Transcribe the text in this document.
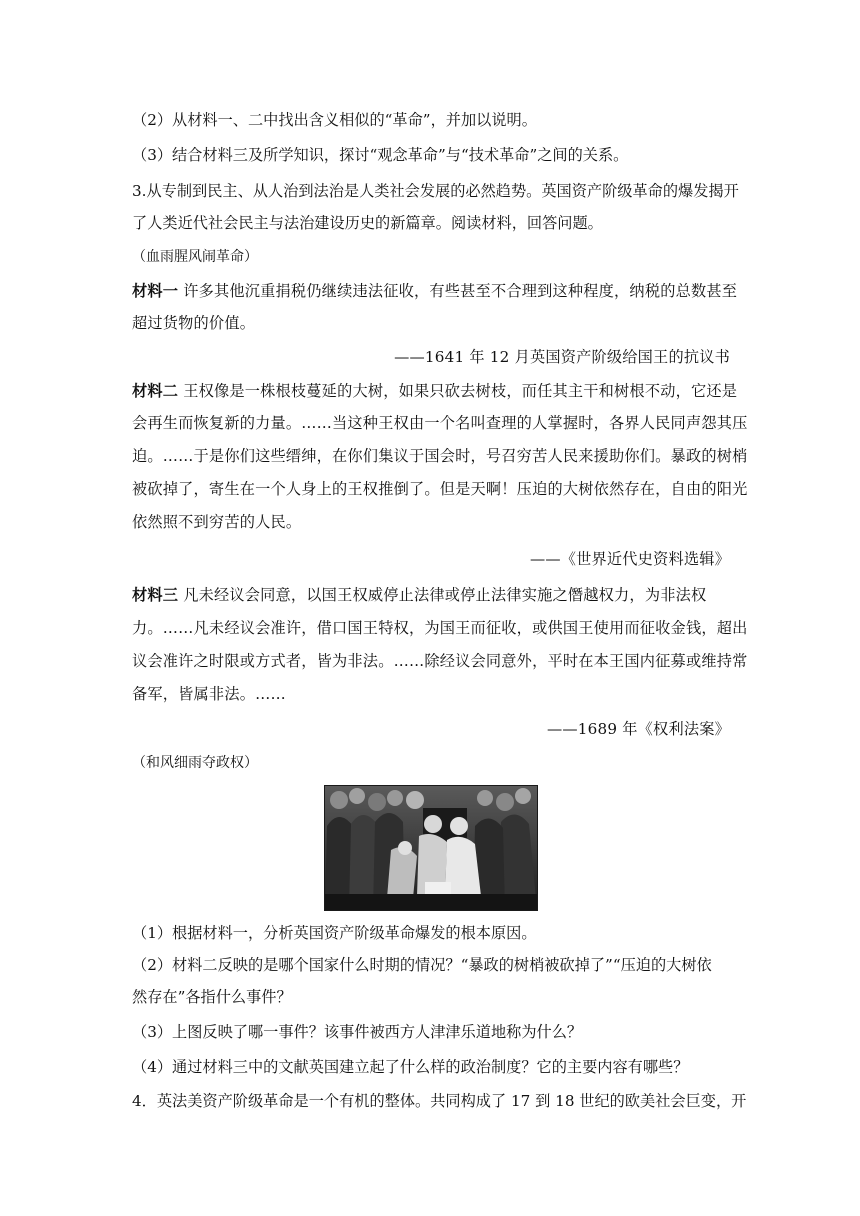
（2）从材料一、二中找出含义相似的“革命”，并加以说明。
（3）结合材料三及所学知识，探讨“观念革命”与“技术革命”之间的关系。
3.从专制到民主、从人治到法治是人类社会发展的必然趋势。英国资产阶级革命的爆发揭开
了人类近代社会民主与法治建设历史的新篇章。阅读材料，回答问题。
（血雨腥风闹革命）
材料一 许多其他沉重捐税仍继续违法征收，有些甚至不合理到这种程度，纳税的总数甚至
超过货物的价值。
——1641 年 12 月英国资产阶级给国王的抗议书
材料二 王权像是一株根枝蔓延的大树，如果只砍去树枝，而任其主干和树根不动，它还是
会再生而恢复新的力量。……当这种王权由一个名叫查理的人掌握时，各界人民同声怨其压
迫。……于是你们这些缙绅，在你们集议于国会时，号召穷苦人民来援助你们。暴政的树梢
被砍掉了，寄生在一个人身上的王权推倒了。但是天啊！压迫的大树依然存在，自由的阳光
依然照不到穷苦的人民。
——《世界近代史资料选辑》
材料三 凡未经议会同意，以国王权威停止法律或停止法律实施之僭越权力，为非法权
力。……凡未经议会准许，借口国王特权，为国王而征收，或供国王使用而征收金钱，超出
议会准许之时限或方式者，皆为非法。……除经议会同意外，平时在本王国内征募或维持常
备军，皆属非法。……
——1689 年《权利法案》
（和风细雨夺政权）
（1）根据材料一，分析英国资产阶级革命爆发的根本原因。
（2）材料二反映的是哪个国家什么时期的情况？“暴政的树梢被砍掉了”“压迫的大树依
然存在”各指什么事件？
（3）上图反映了哪一事件？该事件被西方人津津乐道地称为什么？
（4）通过材料三中的文献英国建立起了什么样的政治制度？它的主要内容有哪些？
4．英法美资产阶级革命是一个有机的整体。共同构成了 17 到 18 世纪的欧美社会巨变，开
